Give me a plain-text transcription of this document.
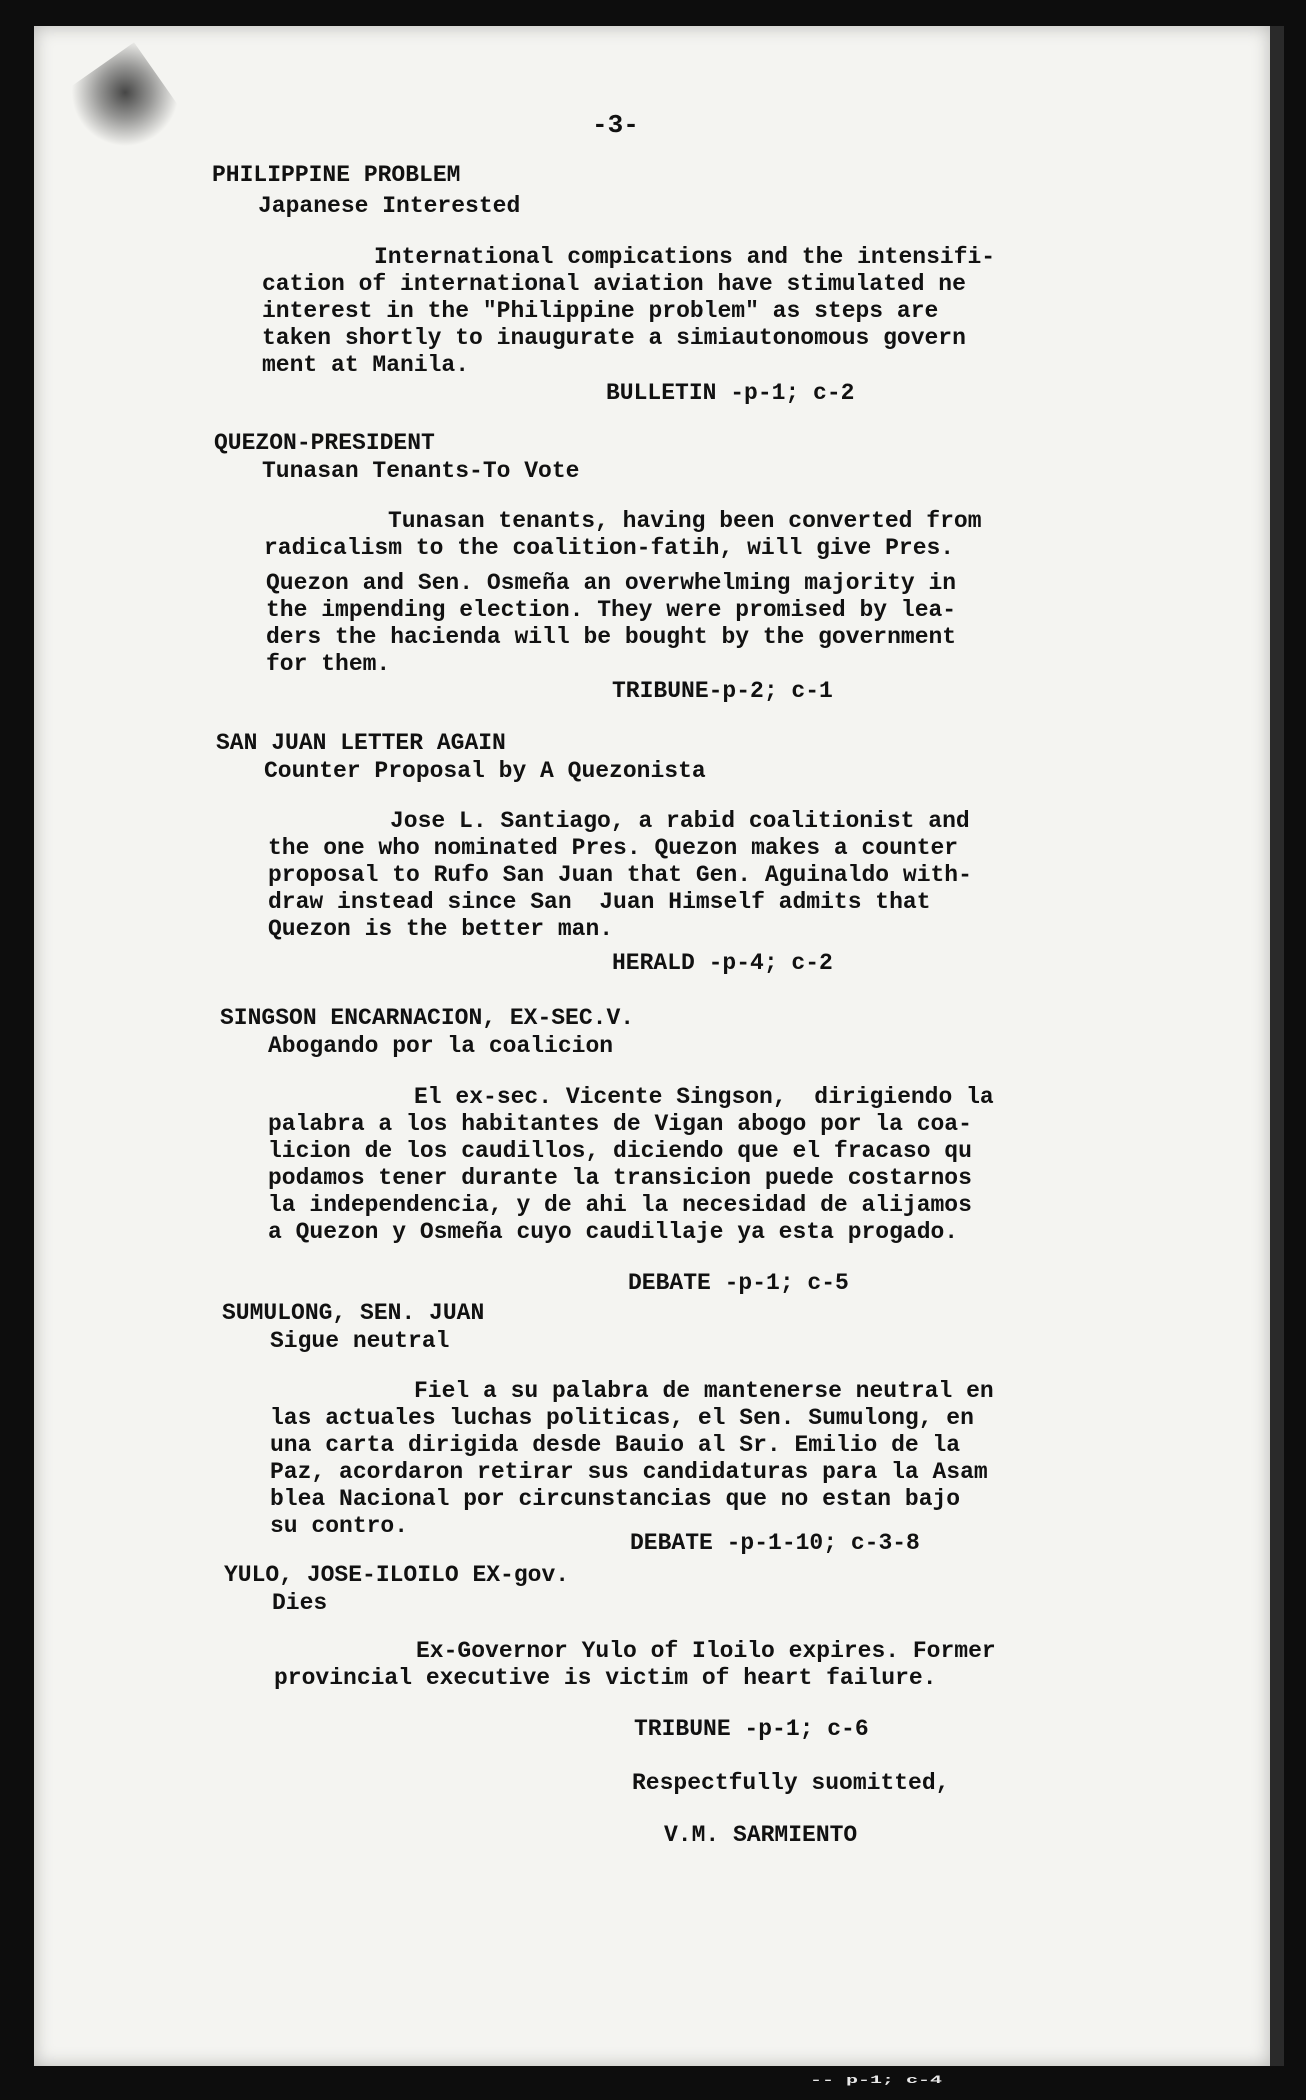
-3-
PHILIPPINE PROBLEM
Japanese Interested
International compications and the intensifi-
cation of international aviation have stimulated ne
interest in the "Philippine problem" as steps are
taken shortly to inaugurate a simiautonomous govern
ment at Manila.
BULLETIN -p-1; c-2
QUEZON-PRESIDENT
Tunasan Tenants-To Vote
Tunasan tenants, having been converted from
radicalism to the coalition-fatih, will give Pres.
Quezon and Sen. Osmeña an overwhelming majority in
the impending election. They were promised by lea-
ders the hacienda will be bought by the government
for them.
TRIBUNE-p-2; c-1
SAN JUAN LETTER AGAIN
Counter Proposal by A Quezonista
Jose L. Santiago, a rabid coalitionist and
the one who nominated Pres. Quezon makes a counter
proposal to Rufo San Juan that Gen. Aguinaldo with-
draw instead since San  Juan Himself admits that
Quezon is the better man.
HERALD -p-4; c-2
SINGSON ENCARNACION, EX-SEC.V.
Abogando por la coalicion
El ex-sec. Vicente Singson,  dirigiendo la
palabra a los habitantes de Vigan abogo por la coa-
licion de los caudillos, diciendo que el fracaso qu
podamos tener durante la transicion puede costarnos
la independencia, y de ahi la necesidad de alijamos
a Quezon y Osmeña cuyo caudillaje ya esta progado.
DEBATE -p-1; c-5
SUMULONG, SEN. JUAN
Sigue neutral
Fiel a su palabra de mantenerse neutral en
las actuales luchas politicas, el Sen. Sumulong, en
una carta dirigida desde Bauio al Sr. Emilio de la
Paz, acordaron retirar sus candidaturas para la Asam
blea Nacional por circunstancias que no estan bajo
su contro.
DEBATE -p-1-10; c-3-8
YULO, JOSE-ILOILO EX-gov.
Dies
Ex-Governor Yulo of Iloilo expires. Former
provincial executive is victim of heart failure.
TRIBUNE -p-1; c-6
Respectfully suomitted,
V.M. SARMIENTO
-- p-1; c-4
